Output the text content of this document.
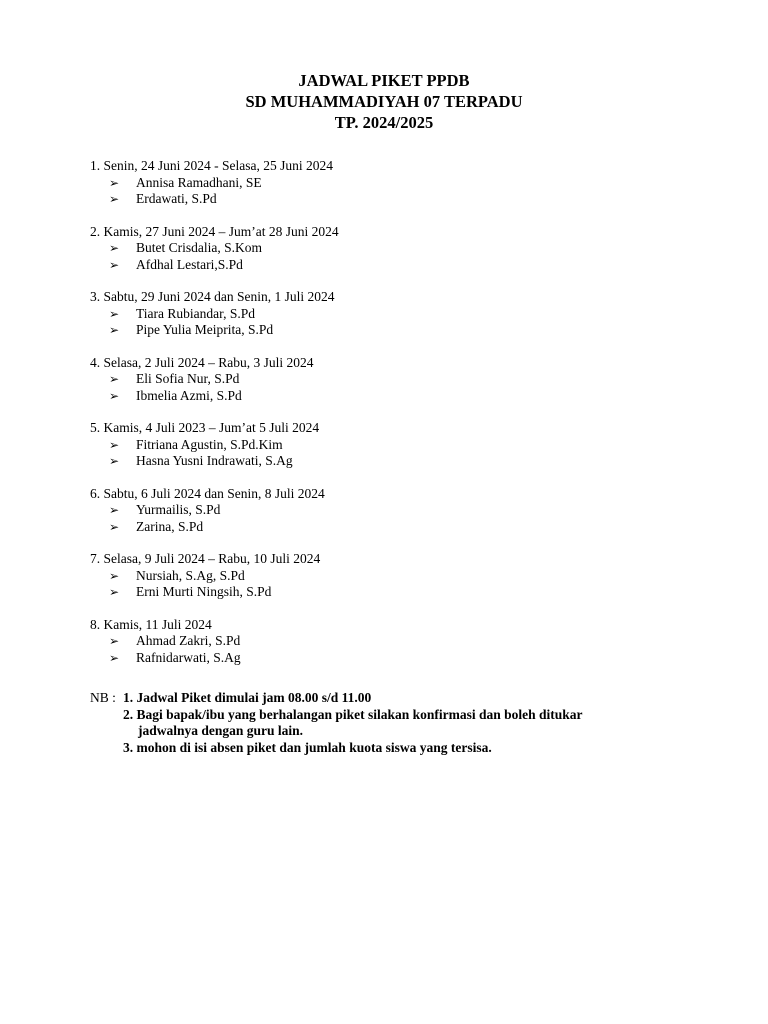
JADWAL PIKET PPDB
SD MUHAMMADIYAH 07 TERPADU
TP. 2024/2025
1. Senin, 24 Juni 2024 - Selasa, 25 Juni 2024
➢	Annisa Ramadhani, SE
➢	Erdawati, S.Pd
2. Kamis, 27 Juni 2024 – Jum’at 28 Juni 2024
➢	Butet Crisdalia, S.Kom
➢	Afdhal Lestari,S.Pd
3. Sabtu, 29 Juni 2024 dan Senin, 1 Juli 2024
➢	Tiara Rubiandar, S.Pd
➢	Pipe Yulia Meiprita, S.Pd
4. Selasa, 2 Juli 2024 – Rabu, 3 Juli 2024
➢	Eli Sofia Nur, S.Pd
➢	Ibmelia Azmi, S.Pd
5. Kamis, 4 Juli 2023 – Jum’at 5 Juli 2024
➢	Fitriana Agustin, S.Pd.Kim
➢	Hasna Yusni Indrawati, S.Ag
6. Sabtu, 6 Juli 2024 dan Senin, 8 Juli 2024
➢	Yurmailis, S.Pd
➢	Zarina, S.Pd
7. Selasa, 9 Juli 2024 – Rabu, 10 Juli 2024
➢	Nursiah, S.Ag, S.Pd
➢	Erni Murti Ningsih, S.Pd
8. Kamis, 11 Juli 2024
➢	Ahmad Zakri, S.Pd
➢	Rafnidarwati, S.Ag
NB : 1. Jadwal Piket dimulai jam 08.00 s/d 11.00
2. Bagi bapak/ibu yang berhalangan piket silakan konfirmasi dan boleh ditukar
jadwalnya dengan guru lain.
3. mohon di isi absen piket dan jumlah kuota siswa yang tersisa.
